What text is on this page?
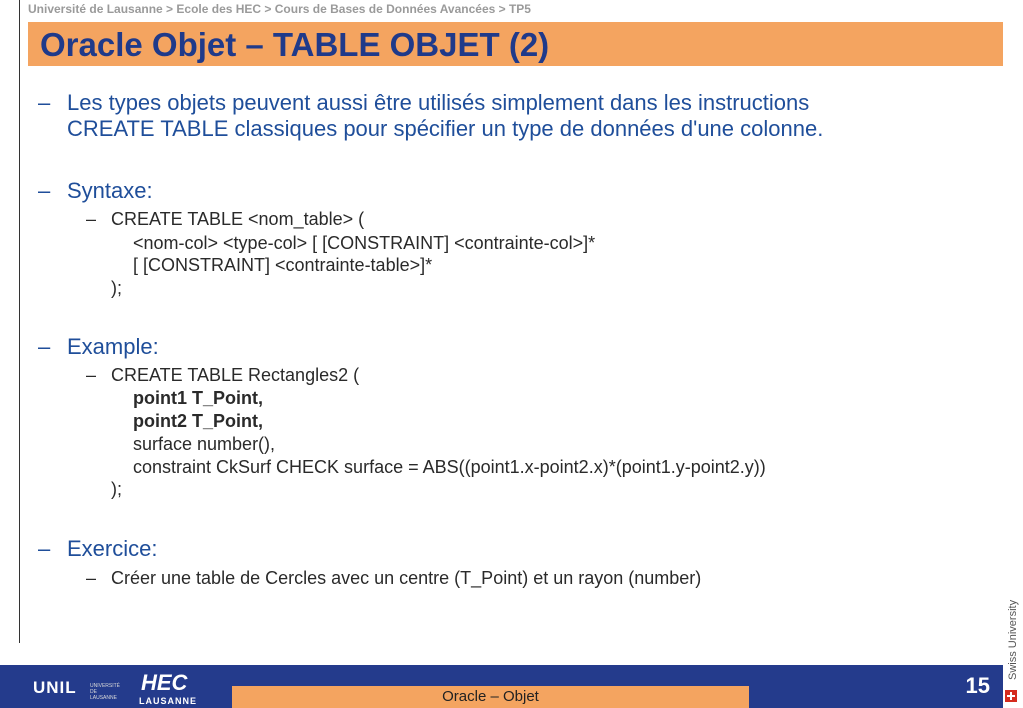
Université de Lausanne > Ecole des HEC > Cours de Bases de Données Avancées > TP5
Oracle Objet – TABLE OBJET (2)
– Les types objets peuvent aussi être utilisés simplement dans les instructions
CREATE TABLE classiques pour spécifier un type de données d'une colonne.
– Syntaxe:
– CREATE TABLE <nom_table> (
<nom-col> <type-col> [ [CONSTRAINT] <contrainte-col>]*
[ [CONSTRAINT] <contrainte-table>]*
);
– Example:
– CREATE TABLE Rectangles2 (
point1 T_Point,
point2 T_Point,
surface number(),
constraint CkSurf CHECK surface = ABS((point1.x-point2.x)*(point1.y-point2.y))
);
– Exercice:
– Créer une table de Cercles avec un centre (T_Point) et un rayon (number)
Swiss University
UNIL	UNIVERSITÉ
DE
LAUSANNE
HEC
LAUSANNE	Oracle – Objet	15
